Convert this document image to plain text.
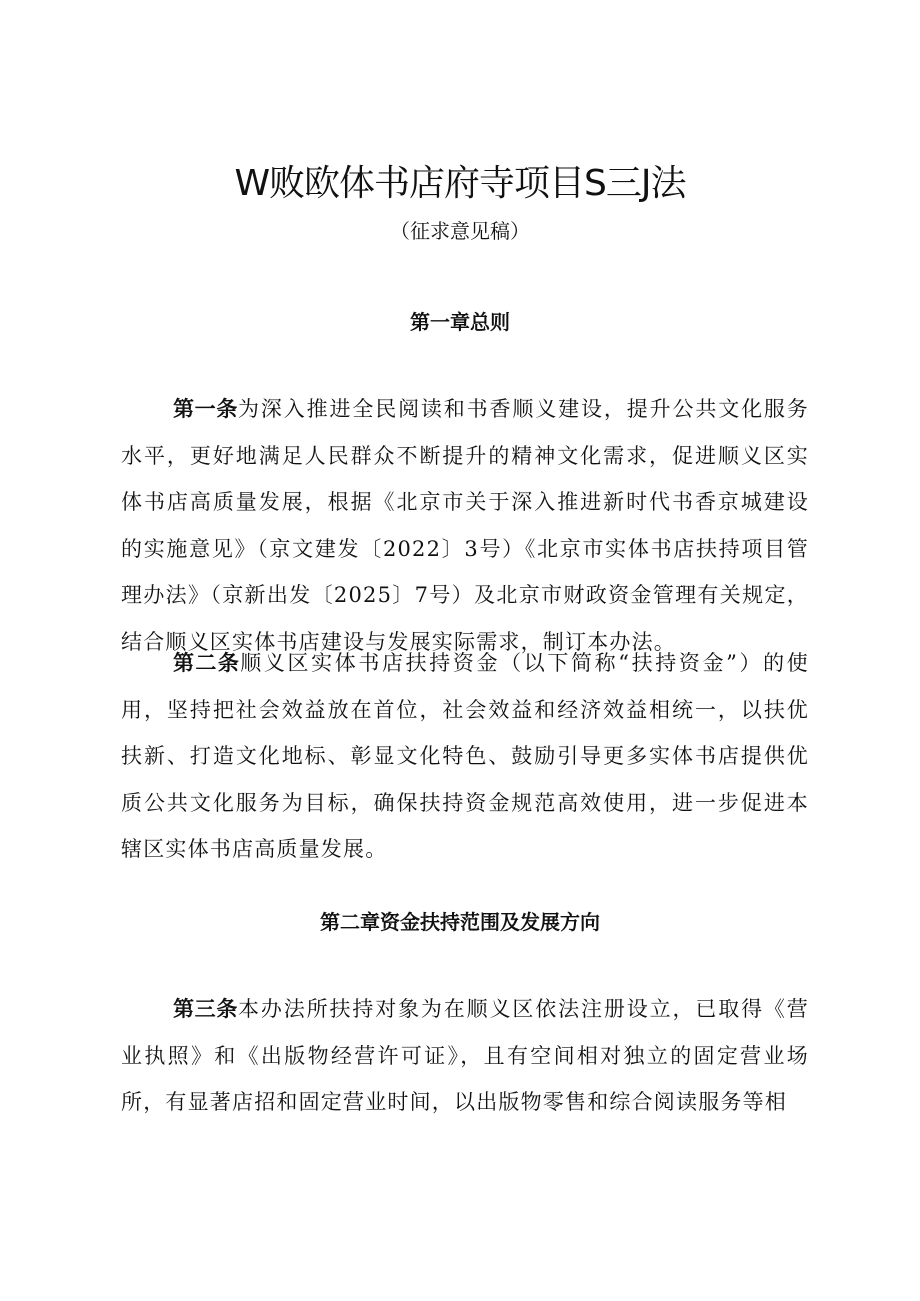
W败欧体书店府寺项目S三J法
（征求意见稿）
第一章总则

第一条为深入推进全民阅读和书香顺义建设，提升公共文化服务水平，更好地满足人民群众不断提升的精神文化需求，促进顺义区实体书店高质量发展，根据《北京市关于深入推进新时代书香京城建设的实施意见》（京文建发〔2022〕3号）《北京市实体书店扶持项目管理办法》（京新出发〔2025〕7号）及北京市财政资金管理有关规定，结合顺义区实体书店建设与发展实际需求，制订本办法。

第二条顺义区实体书店扶持资金（以下简称“扶持资金”）的使用，坚持把社会效益放在首位，社会效益和经济效益相统一，以扶优扶新、打造文化地标、彰显文化特色、鼓励引导更多实体书店提供优质公共文化服务为目标，确保扶持资金规范高效使用，进一步促进本辖区实体书店高质量发展。

第二章资金扶持范围及发展方向

第三条本办法所扶持对象为在顺义区依法注册设立，已取得《营业执照》和《出版物经营许可证》，且有空间相对独立的固定营业场所，有显著店招和固定营业时间，以出版物零售和综合阅读服务等相
